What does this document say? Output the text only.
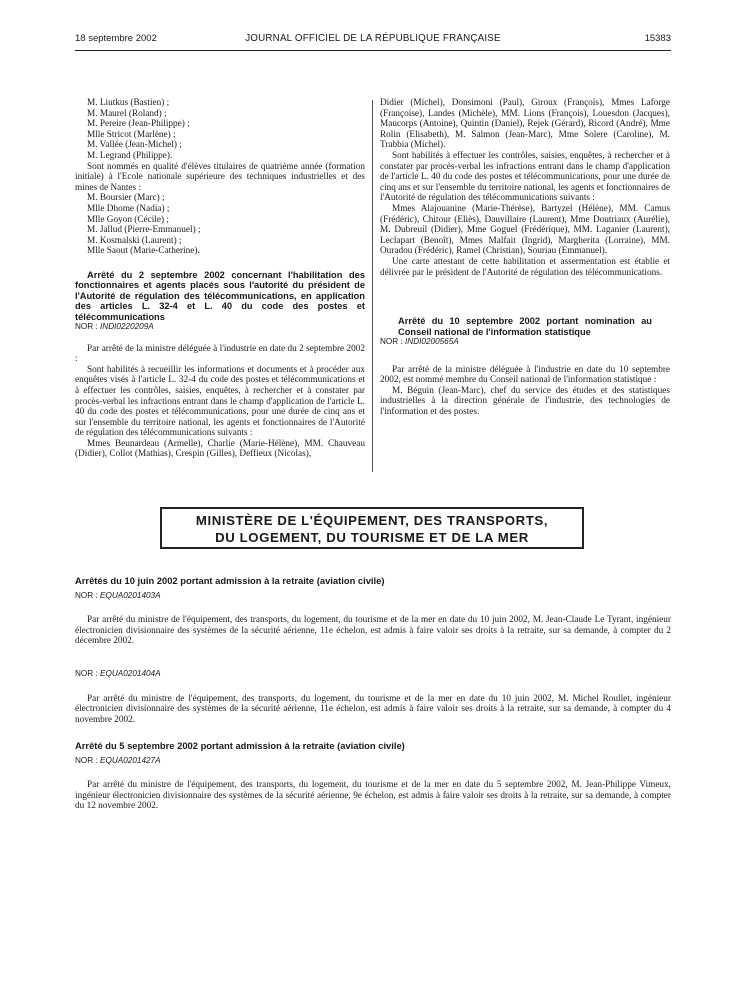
18 septembre 2002	JOURNAL OFFICIEL DE LA RÉPUBLIQUE FRANÇAISE	15383

M. Liutkus (Bastien) ;

M. Maurel (Roland) ;

M. Pereire (Jean-Philippe) ;

Mlle Stricot (Marlène) ;

M. Vallée (Jean-Michel) ;

M. Legrand (Philippe).

Sont nommés en qualité d'élèves titulaires de quatrième année (formation initiale) à l'Ecole nationale supérieure des techniques industrielles et des mines de Nantes :

M. Boursier (Marc) ;

Mlle Dhome (Nadia) ;

Mlle Goyon (Cécile) ;

M. Jallud (Pierre-Emmanuel) ;

M. Kosmalski (Laurent) ;

Mlle Saout (Marie-Catherine).

Arrêté du 2 septembre 2002 concernant l'habilitation des fonctionnaires et agents placés sous l'autorité du président de l'Autorité de régulation des télécommunications, en application des articles L. 32-4 et L. 40 du code des postes et télécommunications

NOR : INDI0220209A

Par arrêté de la ministre déléguée à l'industrie en date du 2 septembre 2002 :

Sont habilités à recueillir les informations et documents et à procéder aux enquêtes visés à l'article L. 32-4 du code des postes et télécommunications et à effectuer les contrôles, saisies, enquêtes, à rechercher et à constater par procès-verbal les infractions entrant dans le champ d'application de l'article L. 40 du code des postes et télécommunications, pour une durée de cinq ans et sur l'ensemble du territoire national, les agents et fonctionnaires de l'Autorité de régulation des télécommunications suivants :

Mmes Beunardeau (Armelle), Charlie (Marie-Hélène), MM. Chauveau (Didier), Collot (Mathias), Crespin (Gilles), Deffieux (Nicolas),

Didier (Michel), Donsimoni (Paul), Giroux (François), Mmes Laforge (Françoise), Landes (Michèle), MM. Lions (François), Louesdon (Jacques), Maucorps (Antoine), Quintin (Daniel), Rejek (Gérard), Ricord (André), Mme Rolin (Elisabeth), M. Salmon (Jean-Marc), Mme Solere (Caroline), M. Trabbia (Michel).

Sont habilités à effectuer les contrôles, saisies, enquêtes, à rechercher et à constater par procès-verbal les infractions entrant dans le champ d'application de l'article L. 40 du code des postes et télécommunications, pour une durée de cinq ans et sur l'ensemble du territoire national, les agents et fonctionnaires de l'Autorité de régulation des télécommunications suivants :

Mmes Alajouanine (Marie-Thérèse), Bartyzel (Hélène), MM. Camus (Frédéric), Chitour (Eliès), Dauvillaire (Laurent), Mme Doutriaux (Aurélie), M. Dubreuil (Didier), Mme Goguel (Frédérique), MM. Laganier (Laurent), Leclapart (Benoît), Mmes Malfait (Ingrid), Margherita (Lorraine), MM. Ouradou (Frédéric), Ramel (Christian), Souriau (Emmanuel).

Une carte attestant de cette habilitation et assermentation est établie et délivrée par le président de l'Autorité de régulation des télécommunications.

Arrêté du 10 septembre 2002 portant nomination au Conseil national de l'information statistique

NOR : INDI0200565A

Par arrêté de la ministre déléguée à l'industrie en date du 10 septembre 2002, est nommé membre du Conseil national de l'information statistique :

M. Béguin (Jean-Marc), chef du service des études et des statistiques industrielles à la direction générale de l'industrie, des technologies de l'information et des postes.

MINISTÈRE DE L'ÉQUIPEMENT, DES TRANSPORTS,
DU LOGEMENT, DU TOURISME ET DE LA MER

Arrêtés du 10 juin 2002 portant admission à la retraite (aviation civile)

NOR : EQUA0201403A

Par arrêté du ministre de l'équipement, des transports, du logement, du tourisme et de la mer en date du 10 juin 2002, M. Jean-Claude Le Tyrant, ingénieur électronicien divisionnaire des systèmes de la sécurité aérienne, 11e échelon, est admis à faire valoir ses droits à la retraite, sur sa demande, à compter du 2 décembre 2002.

NOR : EQUA0201404A

Par arrêté du ministre de l'équipement, des transports, du logement, du tourisme et de la mer en date du 10 juin 2002, M. Michel Roullet, ingénieur électronicien divisionnaire des systèmes de la sécurité aérienne, 11e échelon, est admis à faire valoir ses droits à la retraite, sur sa demande, à compter du 4 novembre 2002.

Arrêté du 5 septembre 2002 portant admission à la retraite (aviation civile)

NOR : EQUA0201427A

Par arrêté du ministre de l'équipement, des transports, du logement, du tourisme et de la mer en date du 5 septembre 2002, M. Jean-Philippe Vimeux, ingénieur électronicien divisionnaire des systèmes de la sécurité aérienne, 9e échelon, est admis à faire valoir ses droits à la retraite, sur sa demande, à compter du 12 novembre 2002.
